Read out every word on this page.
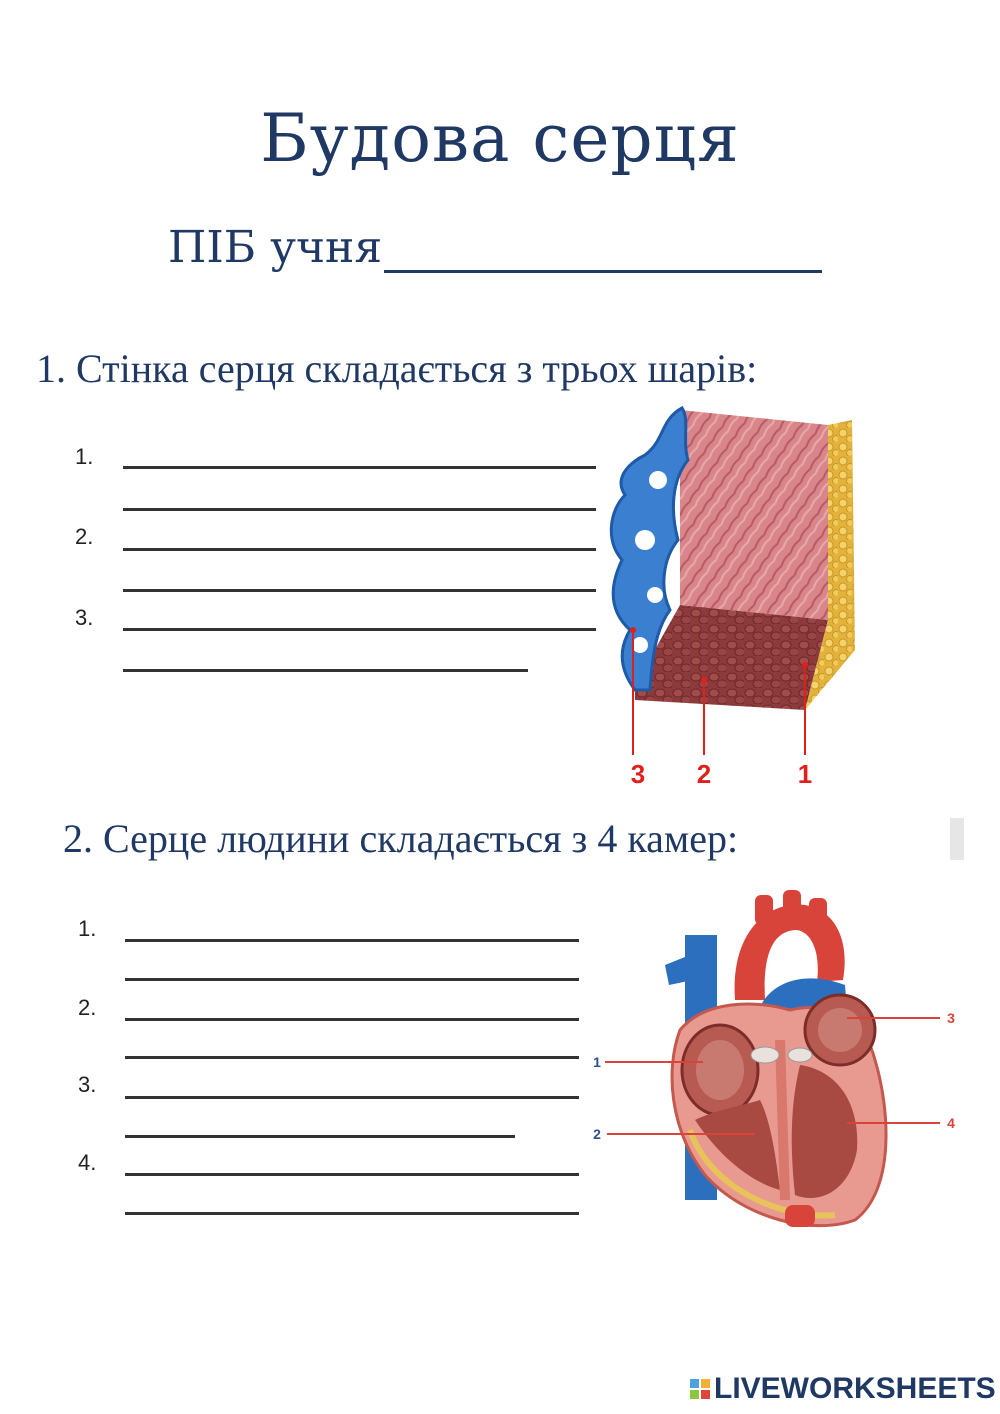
Будова серця
ПІБ учня
1. Стінка серця складається з трьох шарів:
1.
2.
3.
3 2	1
2. Серце людини складається з 4 камер:
1.
2.
3.
4.
1
2
3
4
LIVEWORKSHEETS
